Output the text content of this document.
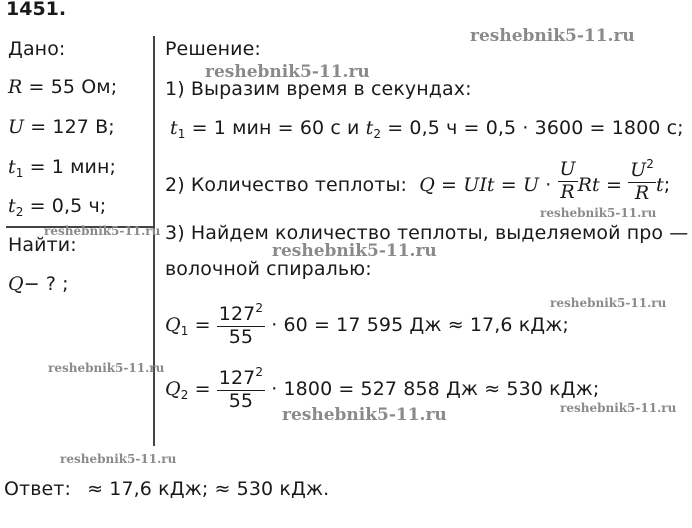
1451.
Дано:
R = 55 Ом;
U = 127 В;
$t_1 = 1$ мин;
$t_2 = 0,5$ ч;
Найти:
Q− ? ;
Решение:
1) Выразим время в секундах:
$t_1 = 1$ мин = 60 с и $t_2 = 0,5$ ч = 0,5 · 3600 = 1800 с;
2) Количество теплоты: Q = UIt = $U \cdot \frac{U}{R}$ $Rt = \frac{U^2}{R} t$;
3) Найдем количество теплоты, выделяемой про —
волочной спиралью:
$Q_1 = \frac{127^2}{55} \cdot 60 = 17$ 595 Дж ≈ 17,6 кДж;
$Q_2 = \frac{127^2}{55} \cdot 1800 = 527$ 858 Дж ≈ 530 кДж;
Ответ: ≈ 17,6 кДж; ≈ 530 кДж.
reshebnik5-11.ru
reshebnik5-11.ru
reshebnik5-11.ru
reshebnik5-11.ru
reshebnik5-11.ru
reshebnik5-11.ru
reshebnik5-11.ru
reshebnik5-11.ru	reshebnik5-11.ru
reshebnik5-11.ru
